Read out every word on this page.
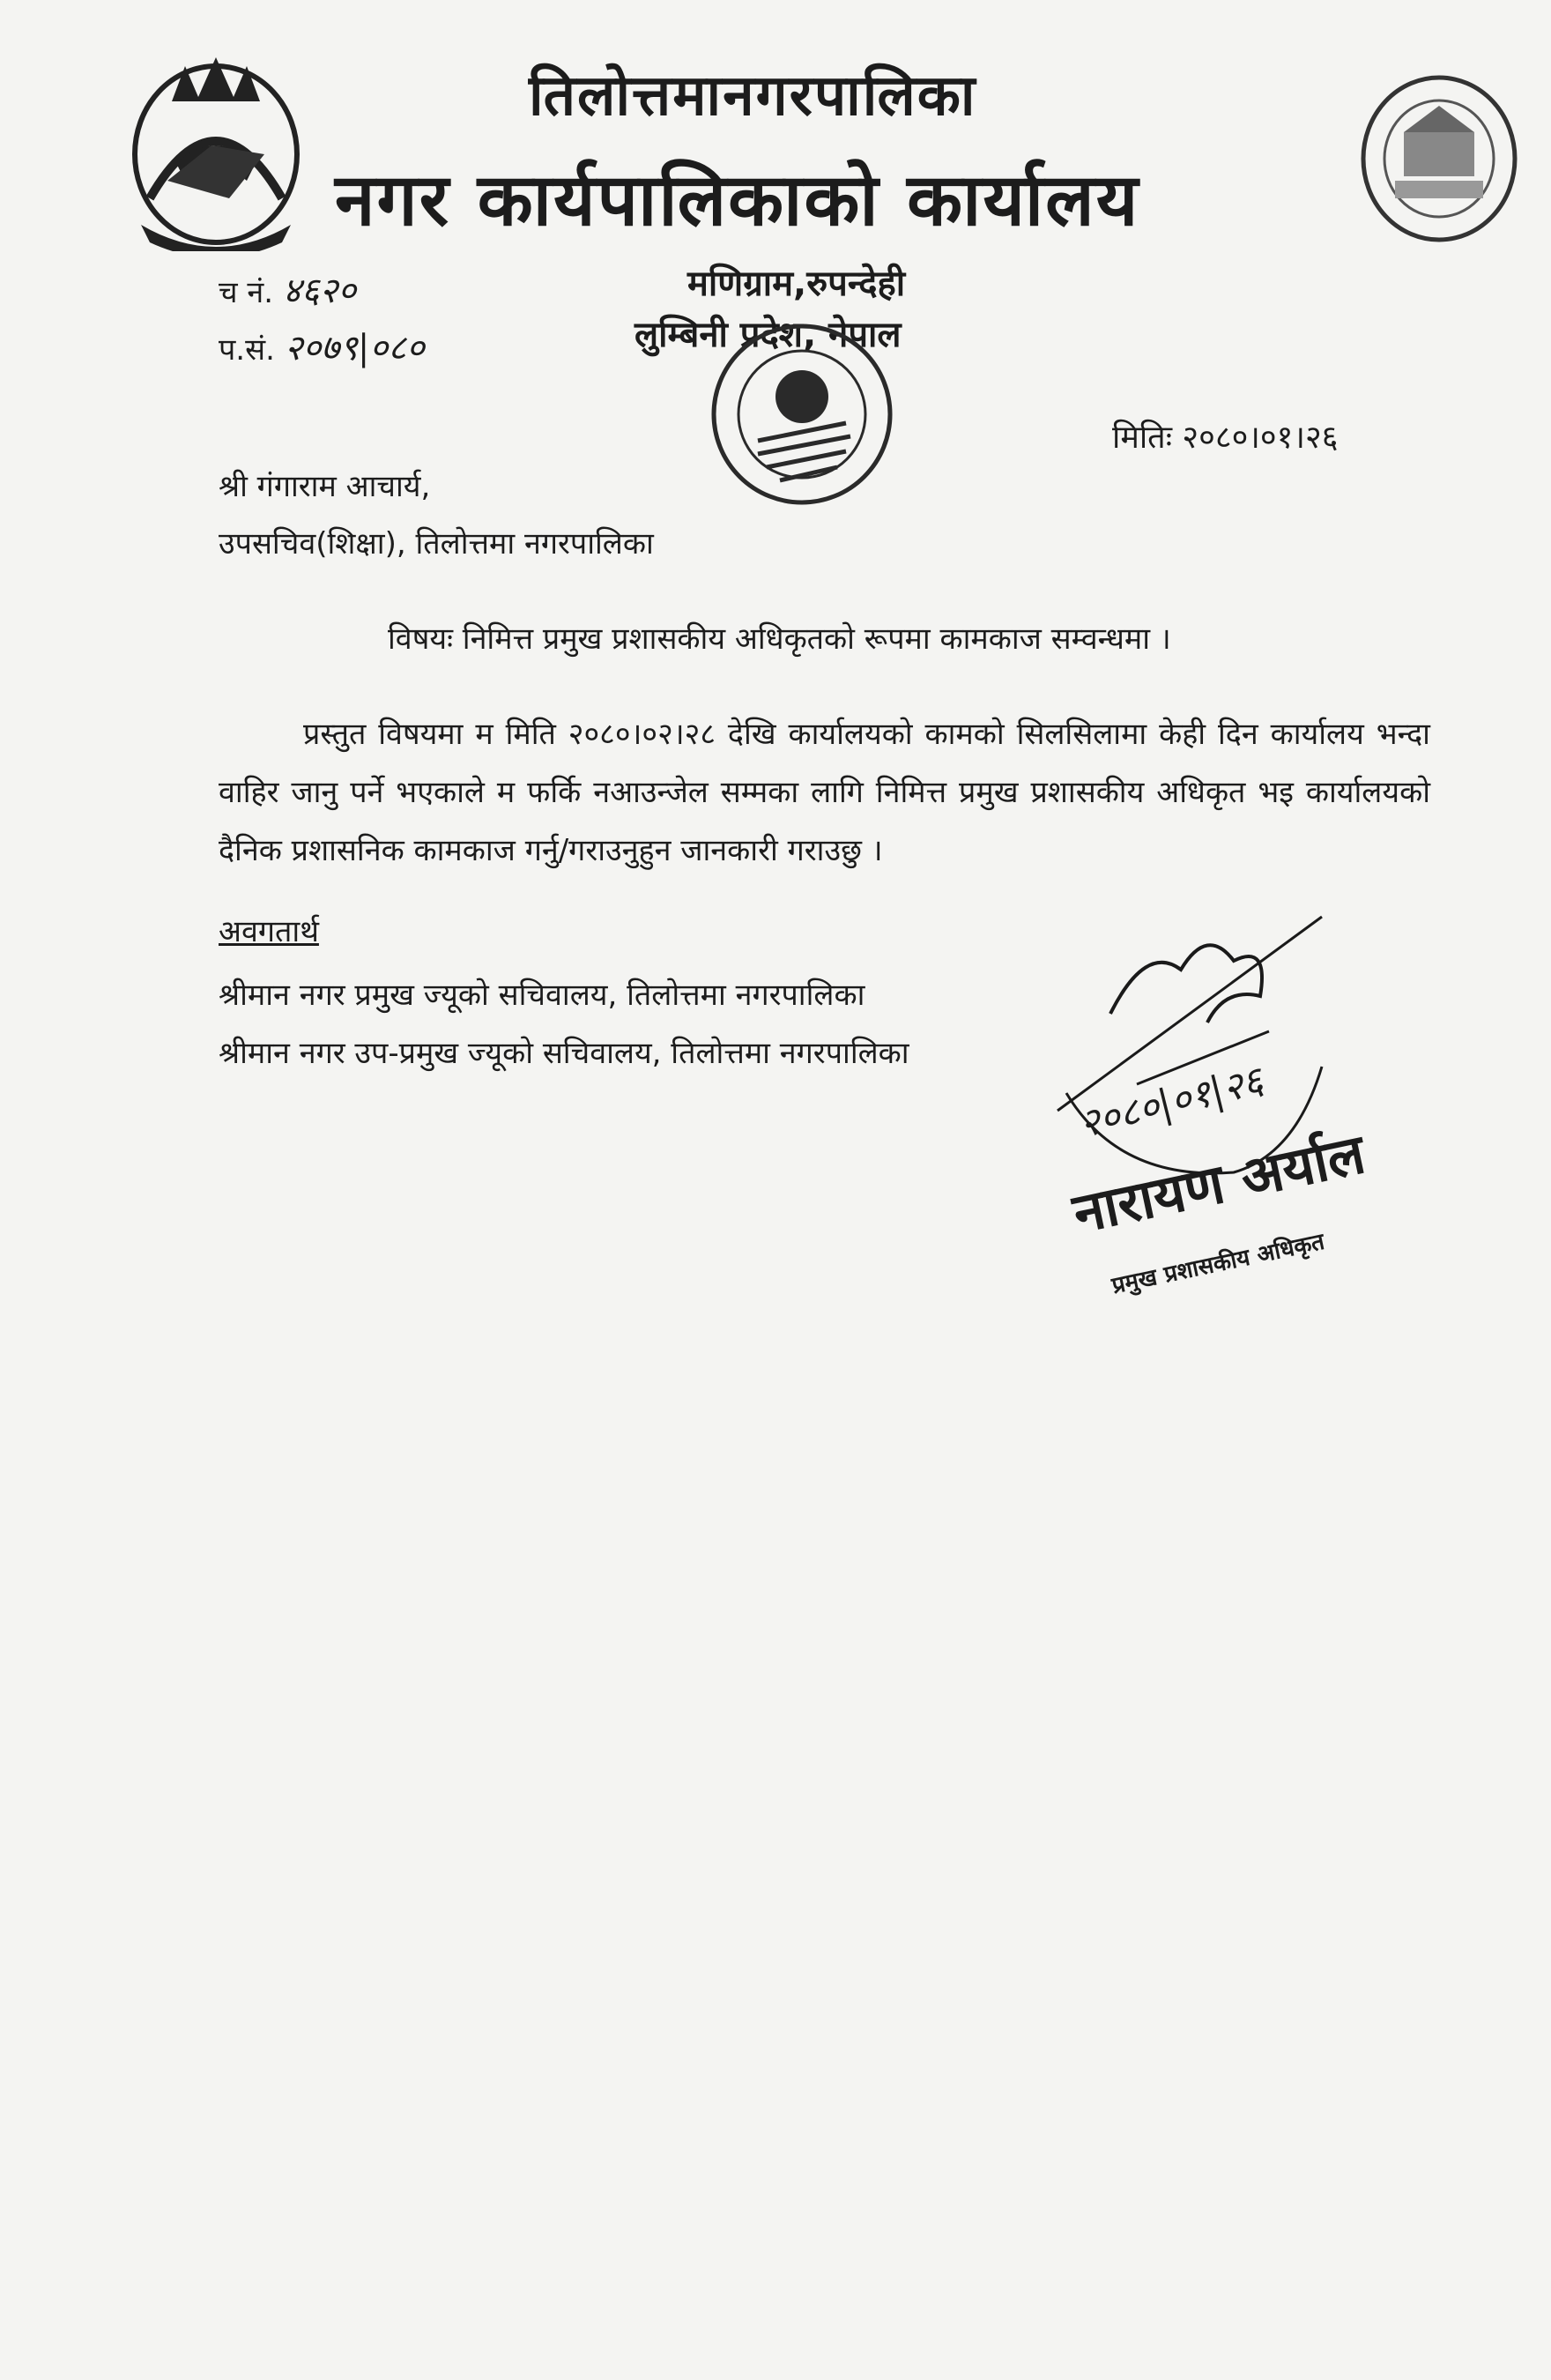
तिलोत्तमानगरपालिका
नगर कार्यपालिकाको कार्यालय
मणिग्राम,रुपन्देही
लुम्बिनी प्रदेश, नेपाल
च नं. ४६२०
प.सं. २०७९|०८०
मितिः २०८०।०१।२६
श्री गंगाराम आचार्य,
उपसचिव(शिक्षा), तिलोत्तमा नगरपालिका
विषयः निमित्त प्रमुख प्रशासकीय अधिकृतको रूपमा कामकाज सम्वन्धमा ।

प्रस्तुत विषयमा म मिति २०८०।०२।२८ देखि कार्यालयको कामको सिलसिलामा केही दिन कार्यालय भन्दा वाहिर जानु पर्ने भएकाले म फर्कि नआउन्जेल सम्मका लागि निमित्त प्रमुख प्रशासकीय अधिकृत भइ कार्यालयको दैनिक प्रशासनिक कामकाज गर्नु/गराउनुहुन जानकारी गराउछु ।

अवगतार्थ
श्रीमान नगर प्रमुख ज्यूको सचिवालय, तिलोत्तमा नगरपालिका
श्रीमान नगर उप-प्रमुख ज्यूको सचिवालय, तिलोत्तमा नगरपालिका
२०८०|०१|२६
नारायण अर्याल
प्रमुख प्रशासकीय अधिकृत
